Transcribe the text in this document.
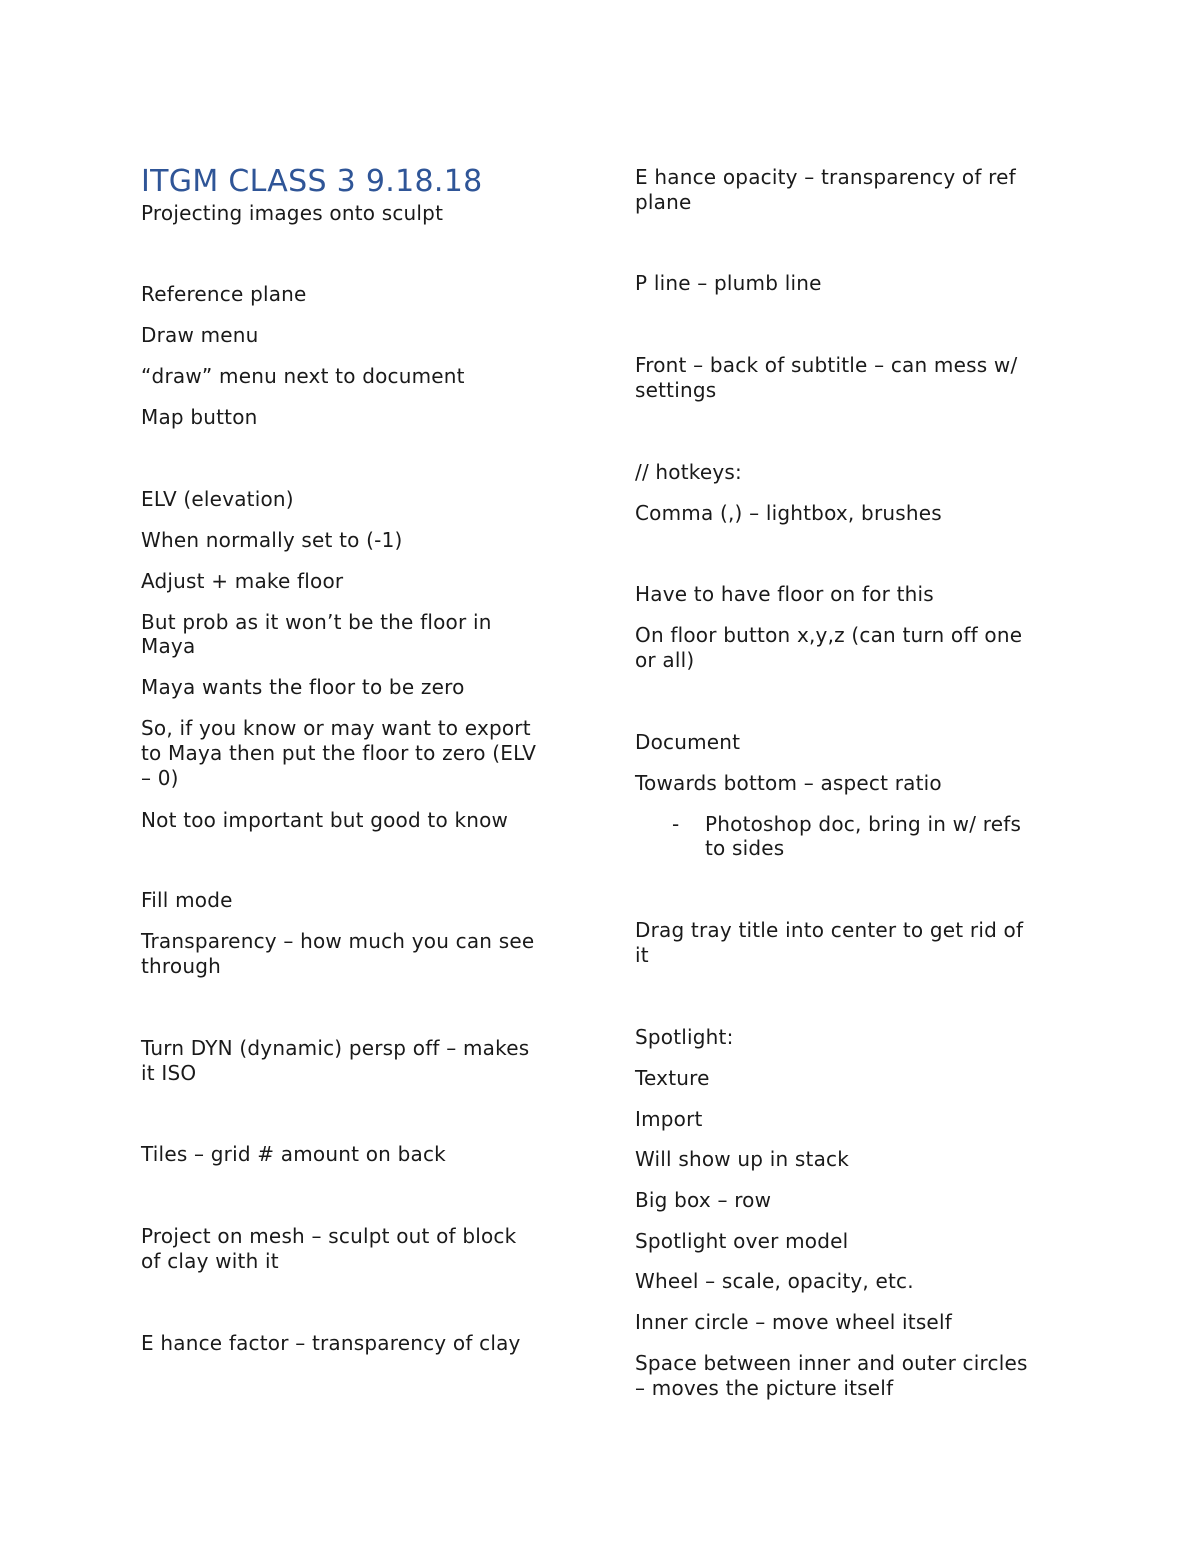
ITGM CLASS 3 9.18.18
Projecting images onto sculpt
Reference plane
Draw menu
“draw” menu next to document
Map button
ELV (elevation)
When normally set to (-1)
Adjust + make floor
But prob as it won’t be the floor in
Maya
Maya wants the floor to be zero
So, if you know or may want to export
to Maya then put the floor to zero (ELV
– 0)
Not too important but good to know
Fill mode
Transparency – how much you can see
through
Turn DYN (dynamic) persp off – makes
it ISO
Tiles – grid # amount on back
Project on mesh – sculpt out of block
of clay with it
E hance factor – transparency of clay
E hance opacity – transparency of ref
plane
P line – plumb line
Front – back of subtitle – can mess w/
settings
// hotkeys:
Comma (,) – lightbox, brushes
Have to have floor on for this
On floor button x,y,z (can turn off one
or all)
Document
Towards bottom – aspect ratio
- Photoshop doc, bring in w/ refs
to sides
Drag tray title into center to get rid of
it
Spotlight:
Texture
Import
Will show up in stack
Big box – row
Spotlight over model
Wheel – scale, opacity, etc.
Inner circle – move wheel itself
Space between inner and outer circles
– moves the picture itself
